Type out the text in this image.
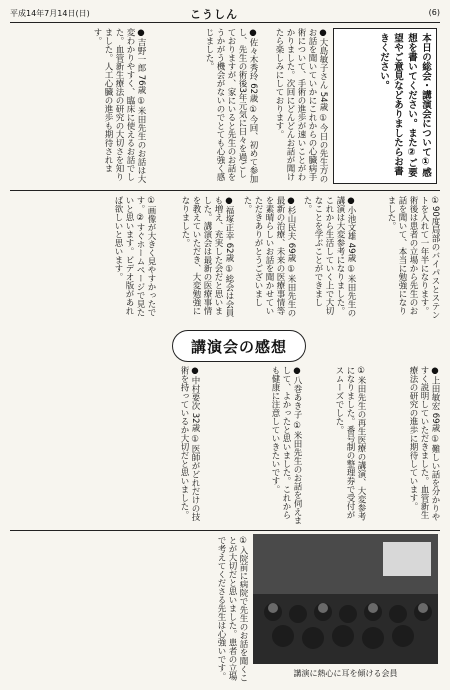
平成14年7月14日(日)	こうしん	(6)
本日の総会・講演会について①感想を書いてください。また②ご要望やご意見などありましたらお書きください。
●大島敏子さん 54歳 ①今日の先生方のお話を聞いていかにこれからの心臓病手術について、手術の進歩が速いことがわかりました。次回にどんどんお話が聞けたら楽しみにしております。
●佐々木秀玲 62歳 ①今回、初めて参加し、先生の術後3年元気に日々を過ごしておりますが、家にいると先生のお話をうかがう機会がないのでとても心強く感じました。
●吉野一郎 76歳 ①米田先生のお話は大変わかりやすく、臨床に使えるお話でした。血管新生療法の研究の大切さを知りました。人工心臓の進歩も期待されます。
①90度局部のバイパスとステントを入れて一年半になります。術後は患者の立場から先生のお話を聞いて、本当に勉強になりました。
●小池文雄 49歳 ①米田先生の講演は大変参考になりました。これから生活していく上で大切なことを学ぶことができました。
●杉山民夫 69歳 ①米田先生の最新の治療、未来の医療事情等を素晴らしいお話を聞かせていただきありがとうございました。
●福塚正幸 62歳 ①総会は会員も増え、充実した会だと思いました。講演会は最新の医療事情を教えていただき、大変勉強になりました。
①画像が大きく見やすかったです。②すぐホームページで見たいと思います。ビデオ版があれば欲しいと思います。
講演会の感想
●上田敏宏 69歳 ①難しい話を分かりやすく説明していただきました。血管新生療法の研究の進歩に期待しています。
①米田先生の再生医療の講演、大変参考になりました。番号制の整理券で受付がスムーズでした。
●八巻あき子 ①米田先生のお話を伺えまして、よかったと思いました。これからも健康に注意していきたいです。
●中村要次 32歳 ①医師がどれだけの技術を持っているか大切だと思いました。
①入院前に病院で先生のお話を聞くことが大切だと思いました。患者の立場で考えてくださる先生は心強いです。	講演に熱心に耳を傾ける会員
